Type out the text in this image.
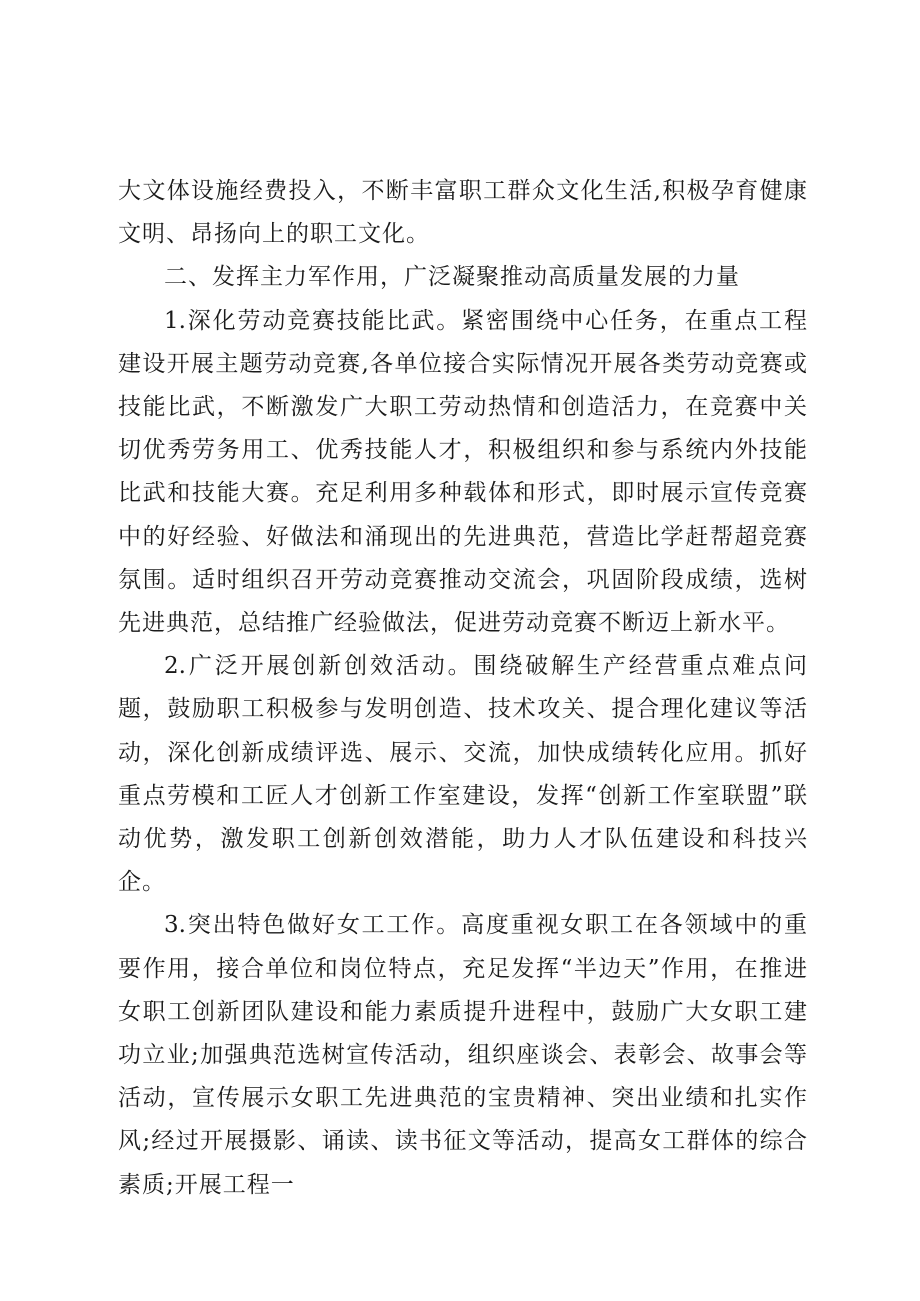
大文体设施经费投入，不断丰富职工群众文化生活,积极孕育健康文明、昂扬向上的职工文化。

二、发挥主力军作用，广泛凝聚推动高质量发展的力量

1.深化劳动竞赛技能比武。紧密围绕中心任务，在重点工程建设开展主题劳动竞赛,各单位接合实际情况开展各类劳动竞赛或技能比武，不断激发广大职工劳动热情和创造活力，在竞赛中关切优秀劳务用工、优秀技能人才，积极组织和参与系统内外技能比武和技能大赛。充足利用多种载体和形式，即时展示宣传竞赛中的好经验、好做法和涌现出的先进典范，营造比学赶帮超竞赛氛围。适时组织召开劳动竞赛推动交流会，巩固阶段成绩，选树先进典范，总结推广经验做法，促进劳动竞赛不断迈上新水平。

2.广泛开展创新创效活动。围绕破解生产经营重点难点问题，鼓励职工积极参与发明创造、技术攻关、提合理化建议等活动，深化创新成绩评选、展示、交流，加快成绩转化应用。抓好重点劳模和工匠人才创新工作室建设，发挥“创新工作室联盟”联动优势，激发职工创新创效潜能，助力人才队伍建设和科技兴企。

3.突出特色做好女工工作。高度重视女职工在各领域中的重要作用，接合单位和岗位特点，充足发挥“半边天”作用，在推进女职工创新团队建设和能力素质提升进程中，鼓励广大女职工建功立业;加强典范选树宣传活动，组织座谈会、表彰会、故事会等活动，宣传展示女职工先进典范的宝贵精神、突出业绩和扎实作风;经过开展摄影、诵读、读书征文等活动，提高女工群体的综合素质;开展工程一
